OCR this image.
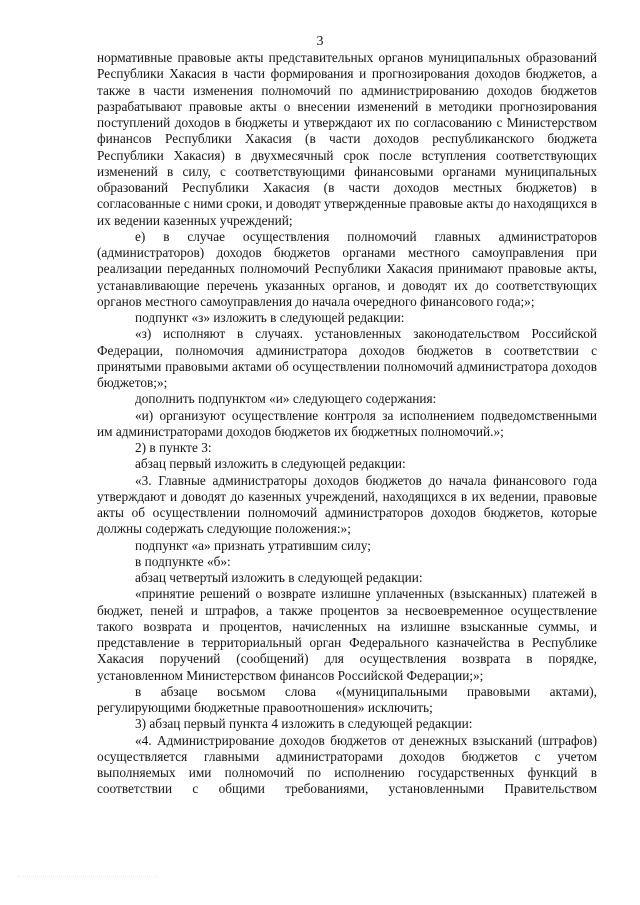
3

нормативные правовые акты представительных органов муниципальных образований Республики Хакасия в части формирования и прогнозирования доходов бюджетов, а также в части изменения полномочий по администрированию доходов бюджетов разрабатывают правовые акты о внесении изменений в методики прогнозирования поступлений доходов в бюджеты и утверждают их по согласованию с Министерством финансов Республики Хакасия (в части доходов республиканского бюджета Республики Хакасия) в двухмесячный срок после вступления соответствующих изменений в силу, с соответствующими финансовыми органами муниципальных образований Республики Хакасия (в части доходов местных бюджетов) в согласованные с ними сроки, и доводят утвержденные правовые акты до находящихся в их ведении казенных учреждений;

е) в случае осуществления полномочий главных администраторов (администраторов) доходов бюджетов органами местного самоуправления при реализации переданных полномочий Республики Хакасия принимают правовые акты, устанавливающие перечень указанных органов, и доводят их до соответствующих органов местного самоуправления до начала очередного финансового года;»;

подпункт «з» изложить в следующей редакции:

«з) исполняют в случаях. установленных законодательством Российской Федерации, полномочия администратора доходов бюджетов в соответствии с принятыми правовыми актами об осуществлении полномочий администратора доходов бюджетов;»;

дополнить подпунктом «и» следующего содержания:

«и) организуют осуществление контроля за исполнением подведомственными им администраторами доходов бюджетов их бюджетных полномочий.»;

2) в пункте 3:

абзац первый изложить в следующей редакции:

«3. Главные администраторы доходов бюджетов до начала финансового года утверждают и доводят до казенных учреждений, находящихся в их ведении, правовые акты об осуществлении полномочий администраторов доходов бюджетов, которые должны содержать следующие положения:»;

подпункт «а» признать утратившим силу;

в подпункте «б»:

абзац четвертый изложить в следующей редакции:

«принятие решений о возврате излишне уплаченных (взысканных) платежей в бюджет, пеней и штрафов, а также процентов за несвоевременное осуществление такого возврата и процентов, начисленных на излишне взысканные суммы, и представление в территориальный орган Федерального казначейства в Республике Хакасия поручений (сообщений) для осуществления возврата в порядке, установленном Министерством финансов Российской Федерации;»;

в абзаце восьмом слова «(муниципальными правовыми актами), регулирующими бюджетные правоотношения» исключить;

3) абзац первый пункта 4 изложить в следующей редакции:

«4. Администрирование доходов бюджетов от денежных взысканий (штрафов) осуществляется главными администраторами доходов бюджетов с учетом выполняемых ими полномочий по исполнению государственных функций в соответствии с общими требованиями, установленными Правительством
